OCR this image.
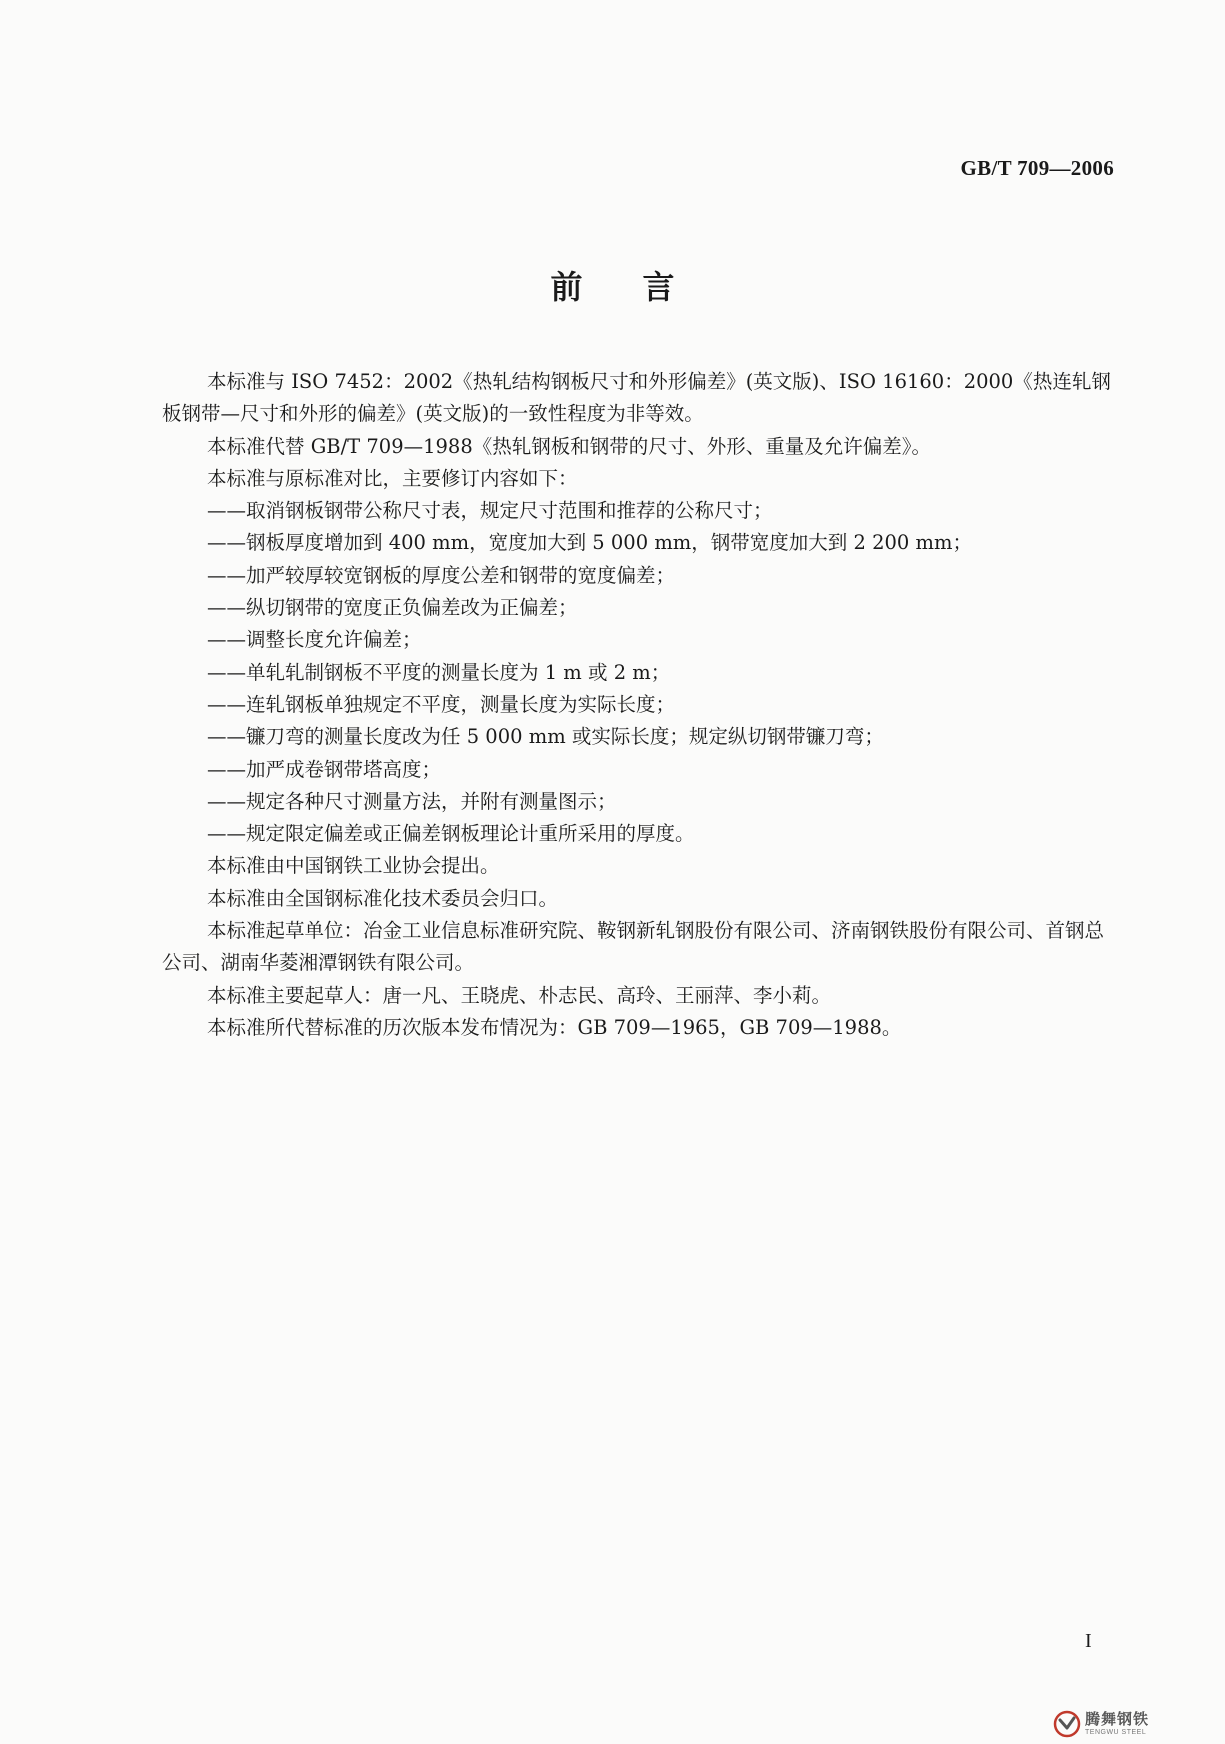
GB/T 709—2006
前 言

本标准与 ISO 7452：2002《热轧结构钢板尺寸和外形偏差》(英文版)、ISO 16160：2000《热连轧钢板钢带—尺寸和外形的偏差》(英文版)的一致性程度为非等效。

本标准代替 GB/T 709—1988《热轧钢板和钢带的尺寸、外形、重量及允许偏差》。

本标准与原标准对比，主要修订内容如下：

——取消钢板钢带公称尺寸表，规定尺寸范围和推荐的公称尺寸；

——钢板厚度增加到 400 mm，宽度加大到 5 000 mm，钢带宽度加大到 2 200 mm；

——加严较厚较宽钢板的厚度公差和钢带的宽度偏差；

——纵切钢带的宽度正负偏差改为正偏差；

——调整长度允许偏差；

——单轧轧制钢板不平度的测量长度为 1 m 或 2 m；

——连轧钢板单独规定不平度，测量长度为实际长度；

——镰刀弯的测量长度改为任 5 000 mm 或实际长度；规定纵切钢带镰刀弯；

——加严成卷钢带塔高度；

——规定各种尺寸测量方法，并附有测量图示；

——规定限定偏差或正偏差钢板理论计重所采用的厚度。

本标准由中国钢铁工业协会提出。

本标准由全国钢标准化技术委员会归口。

本标准起草单位：冶金工业信息标准研究院、鞍钢新轧钢股份有限公司、济南钢铁股份有限公司、首钢总公司、湖南华菱湘潭钢铁有限公司。

本标准主要起草人：唐一凡、王晓虎、朴志民、高玲、王丽萍、李小莉。

本标准所代替标准的历次版本发布情况为：GB 709—1965，GB 709—1988。

I
腾舞钢铁
TENGWU STEEL
